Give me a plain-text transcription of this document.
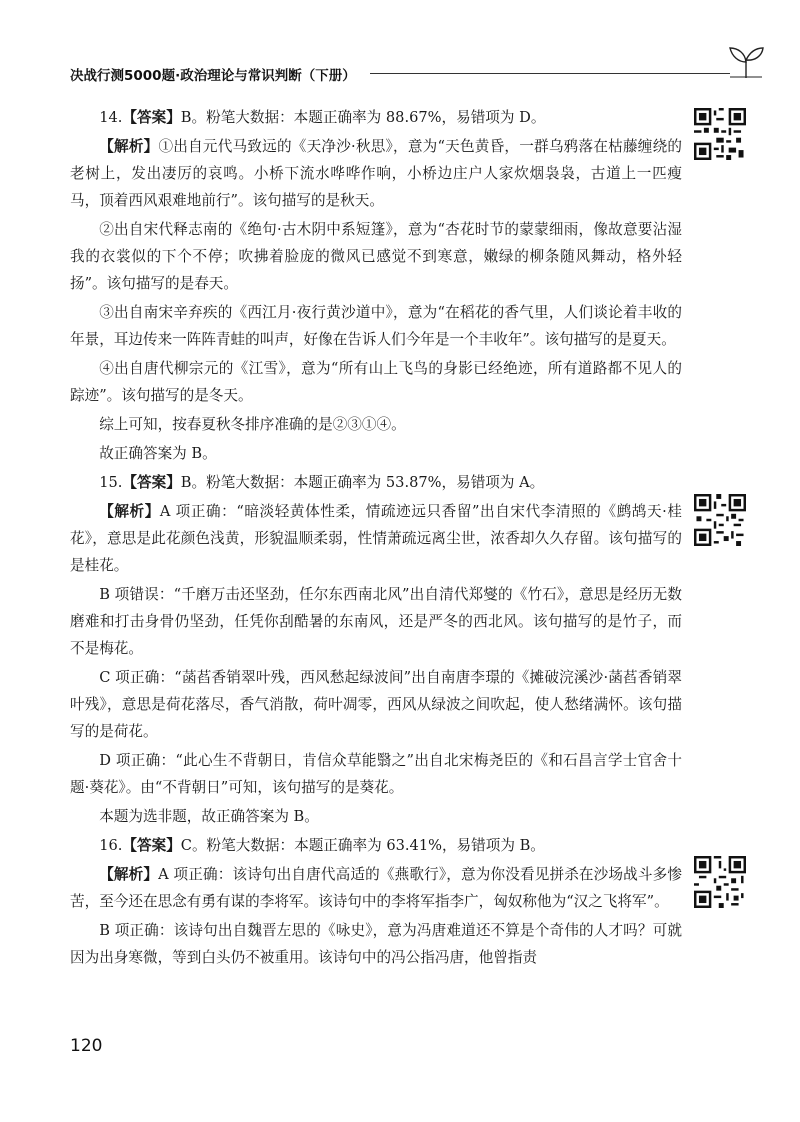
决战行测5000题·政治理论与常识判断（下册）

14.【答案】B。粉笔大数据：本题正确率为 88.67%，易错项为 D。

【解析】①出自元代马致远的《天净沙·秋思》，意为“天色黄昏，一群乌鸦落在枯藤缠绕的老树上，发出凄厉的哀鸣。小桥下流水哗哗作响，小桥边庄户人家炊烟袅袅，古道上一匹瘦马，顶着西风艰难地前行”。该句描写的是秋天。

②出自宋代释志南的《绝句·古木阴中系短篷》，意为“杏花时节的蒙蒙细雨，像故意要沾湿我的衣裳似的下个不停；吹拂着脸庞的微风已感觉不到寒意，嫩绿的柳条随风舞动，格外轻扬”。该句描写的是春天。

③出自南宋辛弃疾的《西江月·夜行黄沙道中》，意为“在稻花的香气里，人们谈论着丰收的年景，耳边传来一阵阵青蛙的叫声，好像在告诉人们今年是一个丰收年”。该句描写的是夏天。

④出自唐代柳宗元的《江雪》，意为“所有山上飞鸟的身影已经绝迹，所有道路都不见人的踪迹”。该句描写的是冬天。

综上可知，按春夏秋冬排序准确的是②③①④。

故正确答案为 B。

15.【答案】B。粉笔大数据：本题正确率为 53.87%，易错项为 A。

【解析】A 项正确：“暗淡轻黄体性柔，情疏迹远只香留”出自宋代李清照的《鹧鸪天·桂花》，意思是此花颜色浅黄，形貌温顺柔弱，性情萧疏远离尘世，浓香却久久存留。该句描写的是桂花。

B 项错误：“千磨万击还坚劲，任尔东西南北风”出自清代郑燮的《竹石》，意思是经历无数磨难和打击身骨仍坚劲，任凭你刮酷暑的东南风，还是严冬的西北风。该句描写的是竹子，而不是梅花。

C 项正确：“菡萏香销翠叶残，西风愁起绿波间”出自南唐李璟的《摊破浣溪沙·菡萏香销翠叶残》，意思是荷花落尽，香气消散，荷叶凋零，西风从绿波之间吹起，使人愁绪满怀。该句描写的是荷花。

D 项正确：“此心生不背朝日，肯信众草能翳之”出自北宋梅尧臣的《和石昌言学士官舍十题·葵花》。由“不背朝日”可知，该句描写的是葵花。

本题为选非题，故正确答案为 B。

16.【答案】C。粉笔大数据：本题正确率为 63.41%，易错项为 B。

【解析】A 项正确：该诗句出自唐代高适的《燕歌行》，意为你没看见拼杀在沙场战斗多惨苦，至今还在思念有勇有谋的李将军。该诗句中的李将军指李广，匈奴称他为“汉之飞将军”。

B 项正确：该诗句出自魏晋左思的《咏史》，意为冯唐难道还不算是个奇伟的人才吗？可就因为出身寒微，等到白头仍不被重用。该诗句中的冯公指冯唐，他曾指责

120
